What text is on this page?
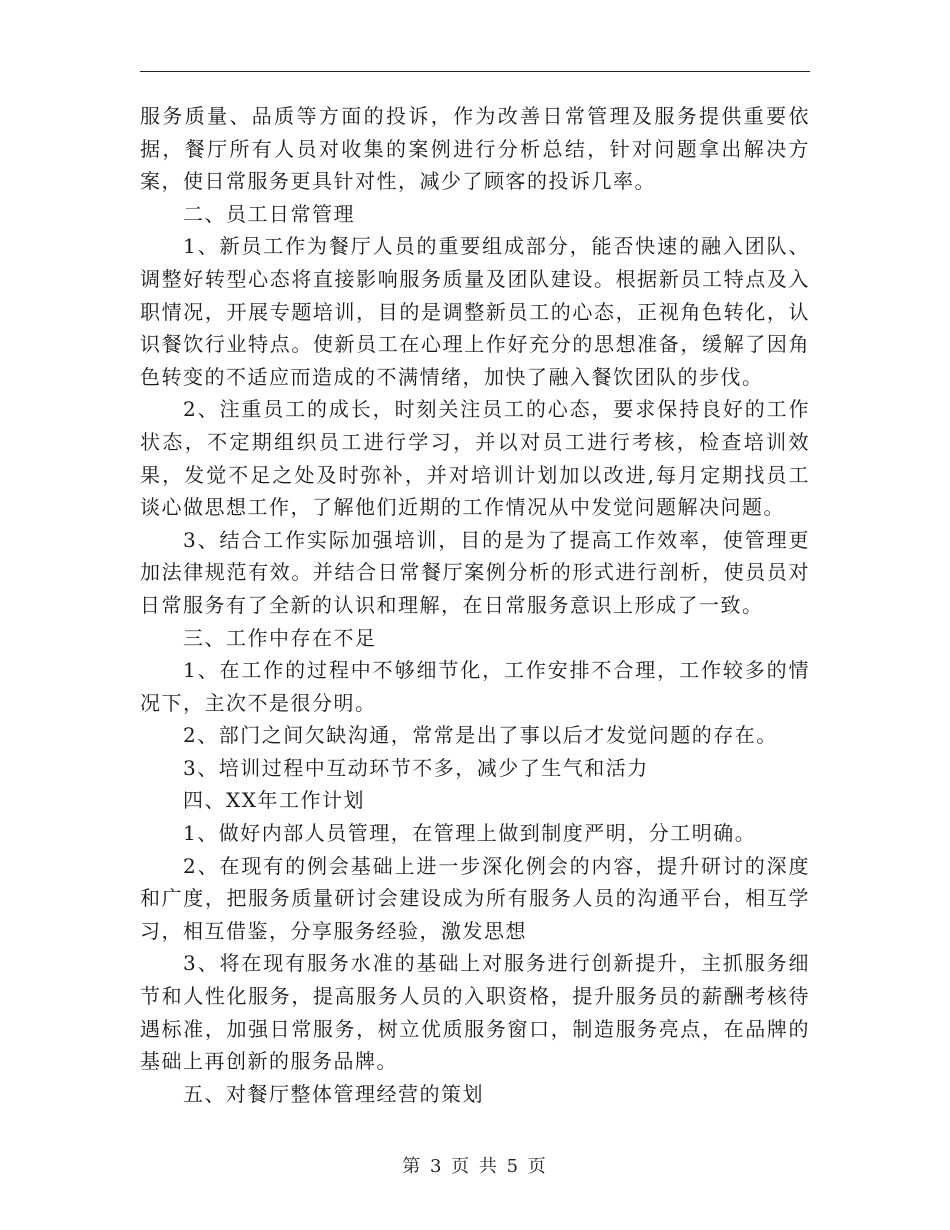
服务质量、品质等方面的投诉，作为改善日常管理及服务提供重要依据，餐厅所有人员对收集的案例进行分析总结，针对问题拿出解决方案，使日常服务更具针对性，减少了顾客的投诉几率。

二、员工日常管理

1、新员工作为餐厅人员的重要组成部分，能否快速的融入团队、调整好转型心态将直接影响服务质量及团队建设。根据新员工特点及入职情况，开展专题培训，目的是调整新员工的心态，正视角色转化，认识餐饮行业特点。使新员工在心理上作好充分的思想准备，缓解了因角色转变的不适应而造成的不满情绪，加快了融入餐饮团队的步伐。

2、注重员工的成长，时刻关注员工的心态，要求保持良好的工作状态，不定期组织员工进行学习，并以对员工进行考核，检查培训效果，发觉不足之处及时弥补，并对培训计划加以改进,每月定期找员工谈心做思想工作，了解他们近期的工作情况从中发觉问题解决问题。

3、结合工作实际加强培训，目的是为了提高工作效率，使管理更加法律规范有效。并结合日常餐厅案例分析的形式进行剖析，使员员对日常服务有了全新的认识和理解，在日常服务意识上形成了一致。

三、工作中存在不足

1、在工作的过程中不够细节化，工作安排不合理，工作较多的情况下，主次不是很分明。

2、部门之间欠缺沟通，常常是出了事以后才发觉问题的存在。

3、培训过程中互动环节不多，减少了生气和活力

四、XX年工作计划

1、做好内部人员管理，在管理上做到制度严明，分工明确。

2、在现有的例会基础上进一步深化例会的内容，提升研讨的深度和广度，把服务质量研讨会建设成为所有服务人员的沟通平台，相互学习，相互借鉴，分享服务经验，激发思想

3、将在现有服务水准的基础上对服务进行创新提升，主抓服务细节和人性化服务，提高服务人员的入职资格，提升服务员的薪酬考核待遇标准，加强日常服务，树立优质服务窗口，制造服务亮点，在品牌的基础上再创新的服务品牌。

五、对餐厅整体管理经营的策划

第 3 页 共 5 页
